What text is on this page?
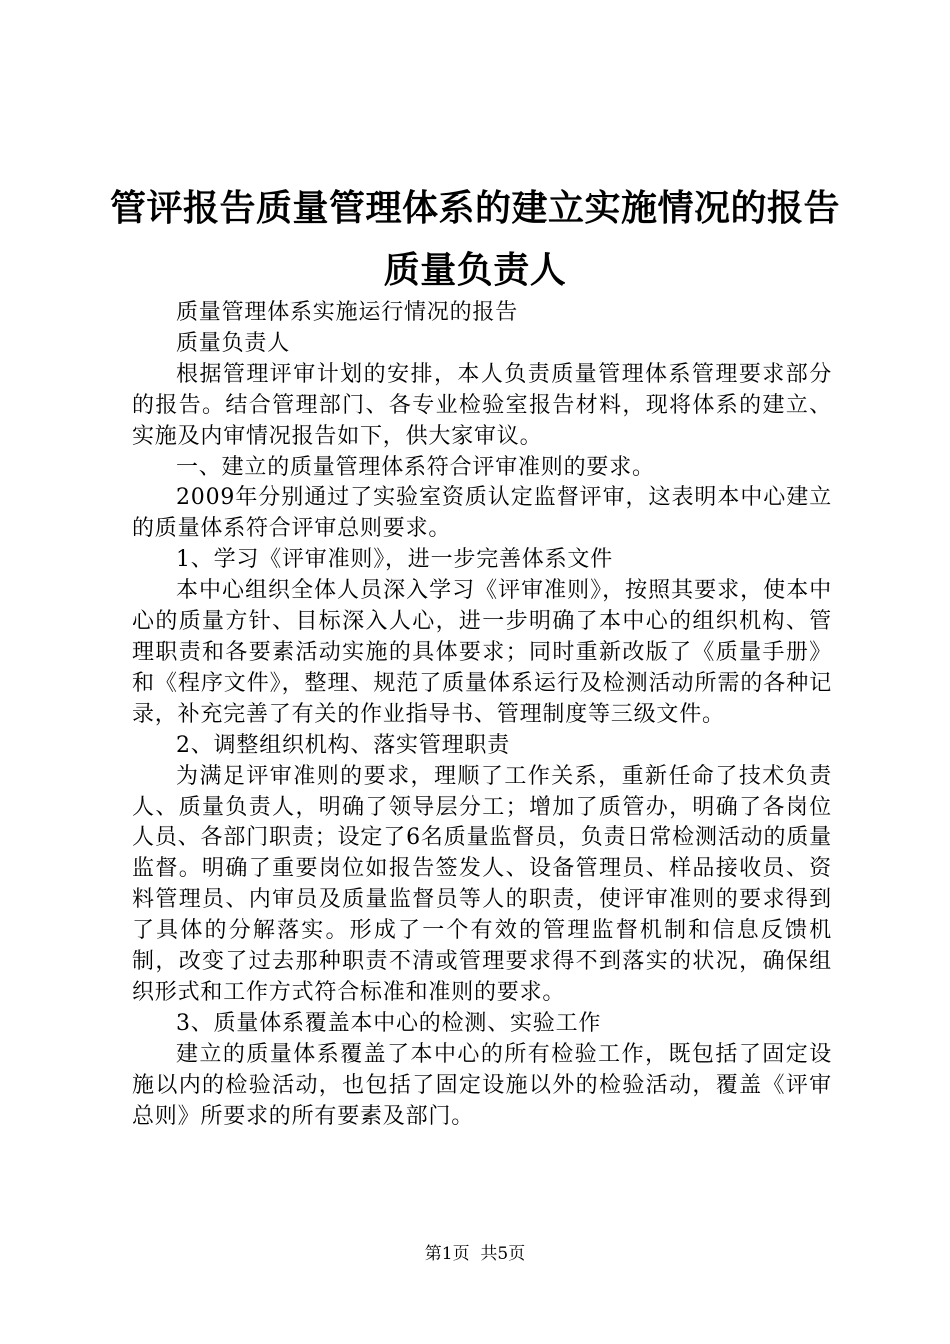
管评报告质量管理体系的建立实施情况的报告
质量负责人

质量管理体系实施运行情况的报告

质量负责人

根据管理评审计划的安排，本人负责质量管理体系管理要求部分的报告。结合管理部门、各专业检验室报告材料，现将体系的建立、实施及内审情况报告如下，供大家审议。

一、建立的质量管理体系符合评审准则的要求。

2009年分别通过了实验室资质认定监督评审，这表明本中心建立的质量体系符合评审总则要求。

1、学习《评审准则》，进一步完善体系文件

本中心组织全体人员深入学习《评审准则》，按照其要求，使本中心的质量方针、目标深入人心，进一步明确了本中心的组织机构、管理职责和各要素活动实施的具体要求；同时重新改版了《质量手册》和《程序文件》，整理、规范了质量体系运行及检测活动所需的各种记录，补充完善了有关的作业指导书、管理制度等三级文件。

2、调整组织机构、落实管理职责

为满足评审准则的要求，理顺了工作关系，重新任命了技术负责人、质量负责人，明确了领导层分工；增加了质管办，明确了各岗位人员、各部门职责；设定了6名质量监督员，负责日常检测活动的质量监督。明确了重要岗位如报告签发人、设备管理员、样品接收员、资料管理员、内审员及质量监督员等人的职责，使评审准则的要求得到了具体的分解落实。形成了一个有效的管理监督机制和信息反馈机制，改变了过去那种职责不清或管理要求得不到落实的状况，确保组织形式和工作方式符合标准和准则的要求。

3、质量体系覆盖本中心的检测、实验工作

建立的质量体系覆盖了本中心的所有检验工作，既包括了固定设施以内的检验活动，也包括了固定设施以外的检验活动，覆盖《评审总则》所要求的所有要素及部门。

第1页  共5页
